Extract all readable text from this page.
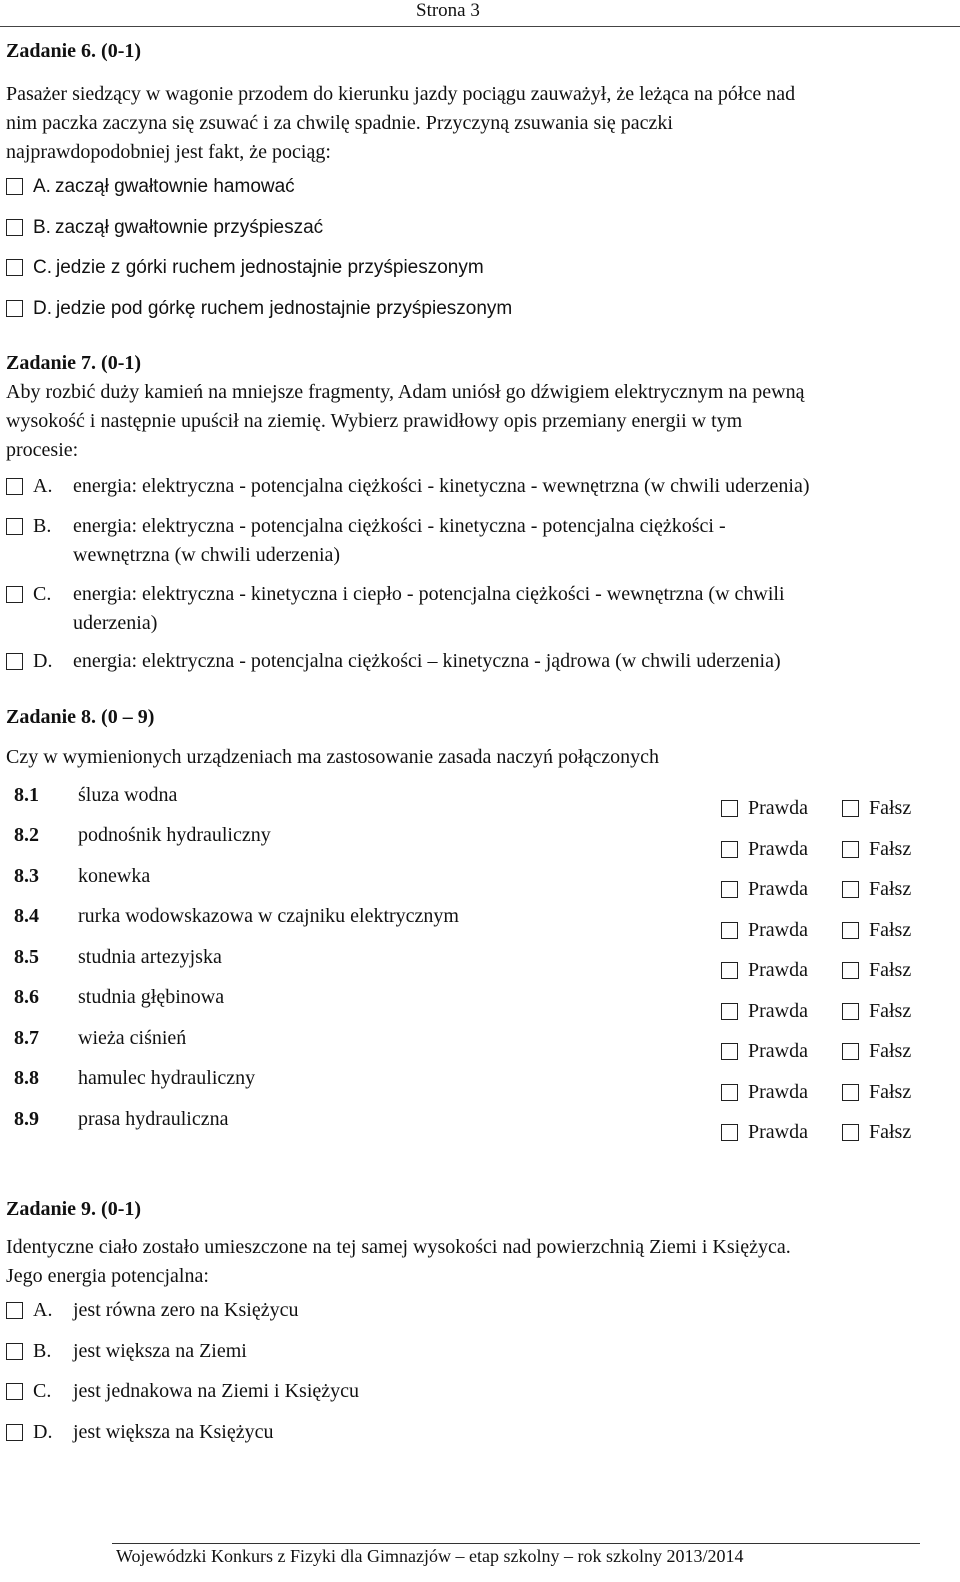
Strona 3
Zadanie 6. (0-1)
Pasażer siedzący w wagonie przodem do kierunku jazdy pociągu zauważył, że leżąca na półce nad
nim paczka zaczyna się zsuwać i za chwilę spadnie. Przyczyną zsuwania się paczki
najprawdopodobniej jest fakt, że pociąg:
A. zaczął gwałtownie hamować
B. zaczął gwałtownie przyśpieszać
C. jedzie z górki ruchem jednostajnie przyśpieszonym
D. jedzie pod górkę ruchem jednostajnie przyśpieszonym
Zadanie 7. (0-1)
Aby rozbić duży kamień na mniejsze fragmenty, Adam uniósł go dźwigiem elektrycznym na pewną
wysokość i następnie upuścił na ziemię. Wybierz prawidłowy opis przemiany energii w tym
procesie:
A.	energia: elektryczna - potencjalna ciężkości - kinetyczna - wewnętrzna (w chwili uderzenia)
B.	energia: elektryczna - potencjalna ciężkości - kinetyczna - potencjalna ciężkości -
wewnętrzna (w chwili uderzenia)
C.	energia: elektryczna - kinetyczna i ciepło - potencjalna ciężkości - wewnętrzna (w chwili
uderzenia)
D.	energia: elektryczna - potencjalna ciężkości – kinetyczna - jądrowa (w chwili uderzenia)
Zadanie 8. (0 – 9)
Czy w wymienionych urządzeniach ma zastosowanie zasada naczyń połączonych
8.1 śluza wodna
Prawda	Fałsz
8.2 podnośnik hydrauliczny
Prawda	Fałsz
8.3 konewka
Prawda	Fałsz
8.4 rurka wodowskazowa w czajniku elektrycznym
Prawda	Fałsz
8.5 studnia artezyjska
Prawda	Fałsz
8.6 studnia głębinowa
Prawda	Fałsz
8.7 wieża ciśnień
Prawda	Fałsz
8.8 hamulec hydrauliczny
Prawda	Fałsz
8.9 prasa hydrauliczna
Prawda	Fałsz
Zadanie 9. (0-1)
Identyczne ciało zostało umieszczone na tej samej wysokości nad powierzchnią Ziemi i Księżyca.
Jego energia potencjalna:
A.	jest równa zero na Księżycu
B.	jest większa na Ziemi
C.	jest jednakowa na Ziemi i Księżycu
D.	jest większa na Księżycu
Wojewódzki Konkurs z Fizyki dla Gimnazjów – etap szkolny – rok szkolny 2013/2014
